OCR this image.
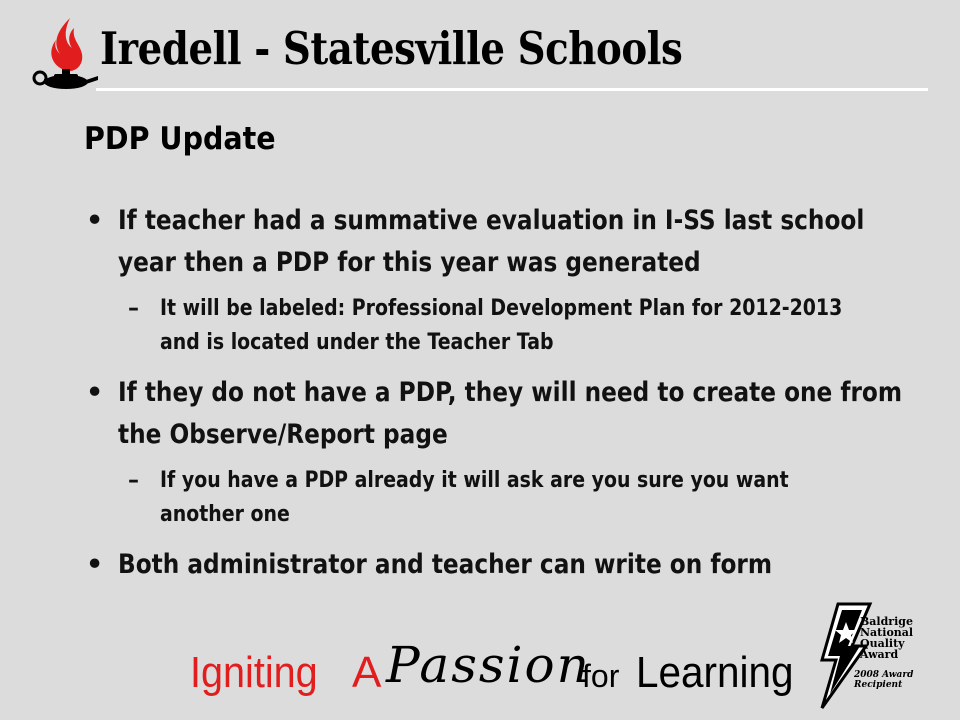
Iredell - Statesville Schools
PDP Update
• If teacher had a summative evaluation in I-SS last school year then a PDP for this year was generated
– It will be labeled: Professional Development Plan for 2012-2013 and is located under the Teacher Tab
• If they do not have a PDP, they will need to create one from the Observe/Report page
– If you have a PDP already it will ask are you sure you want another one
• Both administrator and teacher can write on form
Igniting A Passion
for Learning
Baldrige National Quality Award
2008 Award Recipient
